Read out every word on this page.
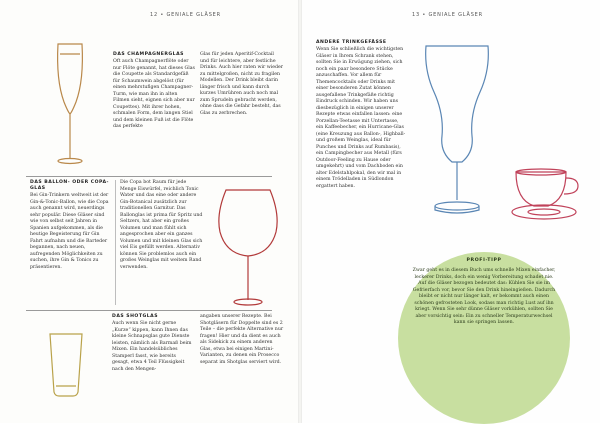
12 • GENIALE GLÄSER	13 • GENIALE GLÄSER
DAS CHAMPAGNERGLAS

Oft auch Champagnerflöte oder nur Flöte genannt, hat dieses Glas die Coupette als Standardgefäß für Schaumwein abgelöst (für einen mehrstufigen Champagner-Turm, wie man ihn in alten Filmen sieht, eignen sich aber nur Coupettes). Mit ihrer hohen, schmalen Form, dem langen Stiel und dem kleinen Fuß ist die Flöte das perfekte

Glas für jeden Aperitif-Cocktail und für leichtere, aber festliche Drinks. Auch hier raten wir wieder zu mittelgroßen, nicht zu fragilen Modellen. Der Drink bleibt darin länger frisch und kann durch kurzes Umrühren auch noch mal zum Sprudeln gebracht werden, ohne dass die Gefahr besteht, das Glas zu zerbrechen.

DAS BALLON- ODER COPA-GLAS

Bei Gin-Trinkern weltweit ist der Gin-&-Tonic-Ballon, wie die Copa auch genannt wird, neuerdings sehr populär. Diese Gläser sind wie von selbst seit Jahren in Spanien aufgekommen, als die heutige Begeisterung für Gin Fahrt aufnahm und die Barteder begannen, nach neuen, aufregenden Möglichkeiten zu suchen, ihre Gin & Tonics zu präsentieren.

Die Copa bot Raum für jede Menge Eiswürfel, reichlich Tonic Water und das eine oder andere Gin-Botanical zusätzlich zur traditionellen Garnitur. Das Ballonglas ist prima für Spritz und Seltzers, hat aber ein großes Volumen und man fühlt sich angesprochen aber ein ganzes Volumen und mit kleinen Glas sich viel Eis gefüllt werden. Alternativ können Sie problemlos auch ein großes Weinglas mit weitem Rand verwenden.

DAS SHOTGLAS

Auch wenn Sie nicht gerne „Kurze“ kippen, kann Ihnen das kleine Schnapsglas gute Dienste leisten, nämlich als Barmaß beim Mixen. Ein handelsübliches Stamperl fasst, wie bereits gesagt, etwa 4 Teil Flüssigkeit nach den Mengen-

angaben unserer Rezepte. Bei Shotgläsern für Doppelte sind es 2 Teile – die perfekte Alternative nur fragen! Hier und da dient es auch als Sidekick zu einem anderen Glas, etwa bei einigen Martini-Varianten, zu denen ein Prosecco separat im Shotglas serviert wird.

ANDERE TRINKGEFÄSSE

Wenn Sie schließlich die wichtigsten Gläser in Ihrem Schrank stehen, sollten Sie in Erwägung ziehen, sich noch ein paar besondere Stücke anzuschaffen. Vor allem für Themencocktails oder Drinks mit einer besonderen Zutat können ausgefallene Trinkgefäße richtig Eindruck schinden. Wir haben uns diesbezüglich in einigen unserer Rezepte etwas einfallen lassen: eine Porzellan-Teetasse mit Untertasse, ein Kaffeebecher, ein Hurricane-Glas (eine Kreuzung aus Ballon-, Highball- und großem Weinglas, ideal für Punches und Drinks auf Rumbasis), ein Campingbecher aus Metall (fürs Outdoor-Feeling zu Hause oder umgekehrt) und vom Dachboden ein alter Edelstahlpokal, den wir mal in einem Trödelladen in Südlondon ergattert haben.

PROFI-TIPP

Zwar geht es in diesem Buch ums schnelle Mixen einfacher, leckerer Drinks, doch ein wenig Vorbereitung schadet nie. Auf die Gläser bezogen bedeutet das: Kühlen Sie sie im Gefrierfach vor, bevor Sie den Drink hineingießen. Dadurch bleibt er nicht nur länger kalt, er bekommt auch einen schönen gefrosteten Look, sodass man richtig Lust auf ihn kriegt. Wenn Sie sehr dünne Gläser vorkühlen, sollten Sie aber vorsichtig sein: Ein zu schneller Temperaturwechsel kann sie springen lassen.
